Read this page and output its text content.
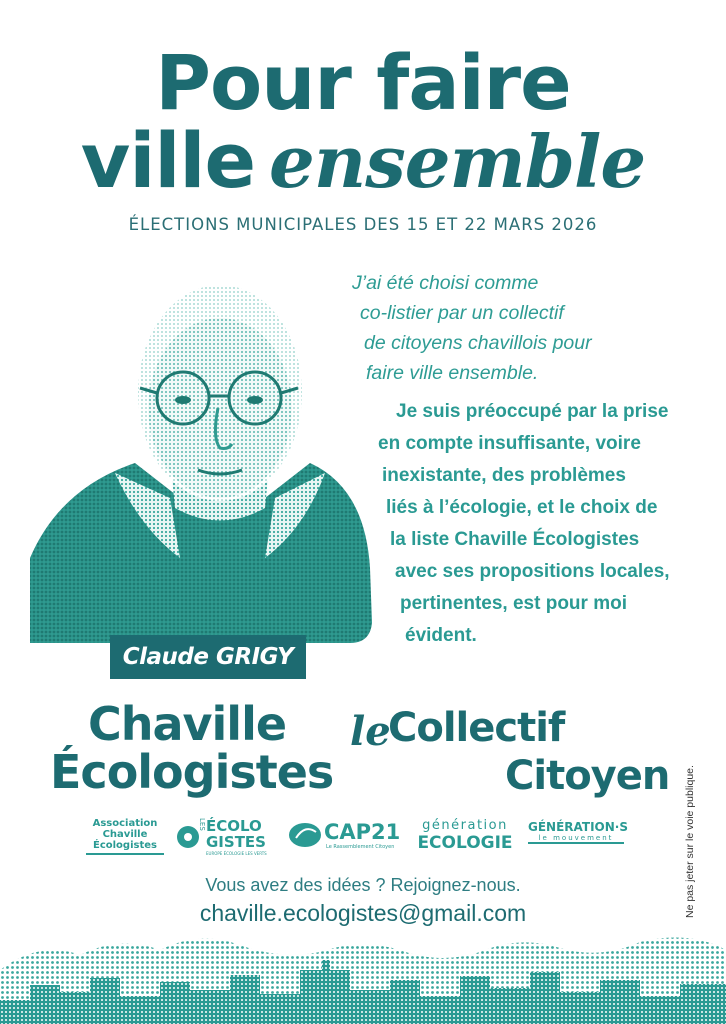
Pour faire
ville ensemble
ÉLECTIONS MUNICIPALES DES 15 ET 22 MARS 2026
Claude GRIGY
J’ai été choisi comme
co-listier par un collectif
de citoyens chavillois pour
faire ville ensemble.
Je suis préoccupé par la prise
en compte insuffisante, voire
inexistante, des problèmes
liés à l’écologie, et le choix de
la liste Chaville Écologistes
avec ses propositions locales,
pertinentes, est pour moi
évident.
Chaville
Écologistes
le
Collectif
Citoyen
Association
Chaville
Écologistes
LES ÉCOLO
GISTES
EUROPE ÉCOLOGIE LES VERTS
CAP21
Le Rassemblement Citoyen
génération
ECOLOGIE
GÉNÉRATION·S
le mouvement	Ne pas jeter sur le voie publique.
Vous avez des idées ? Rejoignez-nous.
chaville.ecologistes@gmail.com
